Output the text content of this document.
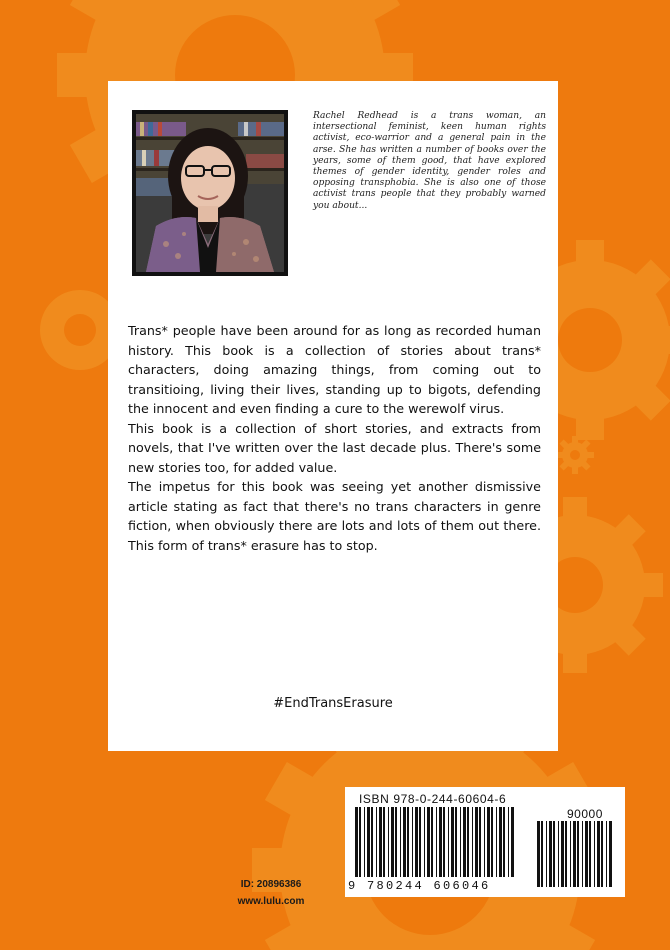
Rachel Redhead is a trans woman, an intersectional feminist, keen human rights activist, eco-warrior and a general pain in the arse. She has written a number of books over the years, some of them good, that have explored themes of gender identity, gender roles and opposing transphobia. She is also one of those activist trans people that they probably warned you about...

Trans* people have been around for as long as recorded human history. This book is a collection of stories about trans* characters, doing amazing things, from coming out to transitioing, living their lives, standing up to bigots, defending the innocent and even finding a cure to the werewolf virus.

This book is a collection of short stories, and extracts from novels, that I've written over the last decade plus. There's some new stories too, for added value.

The impetus for this book was seeing yet another dismissive article stating as fact that there's no trans characters in genre fiction, when obviously there are lots and lots of them out there. This form of trans* erasure has to stop.

#EndTransErasure
ISBN 978-0-244-60604-6
90000
9 780244 606046
ID: 20896386
www.lulu.com
